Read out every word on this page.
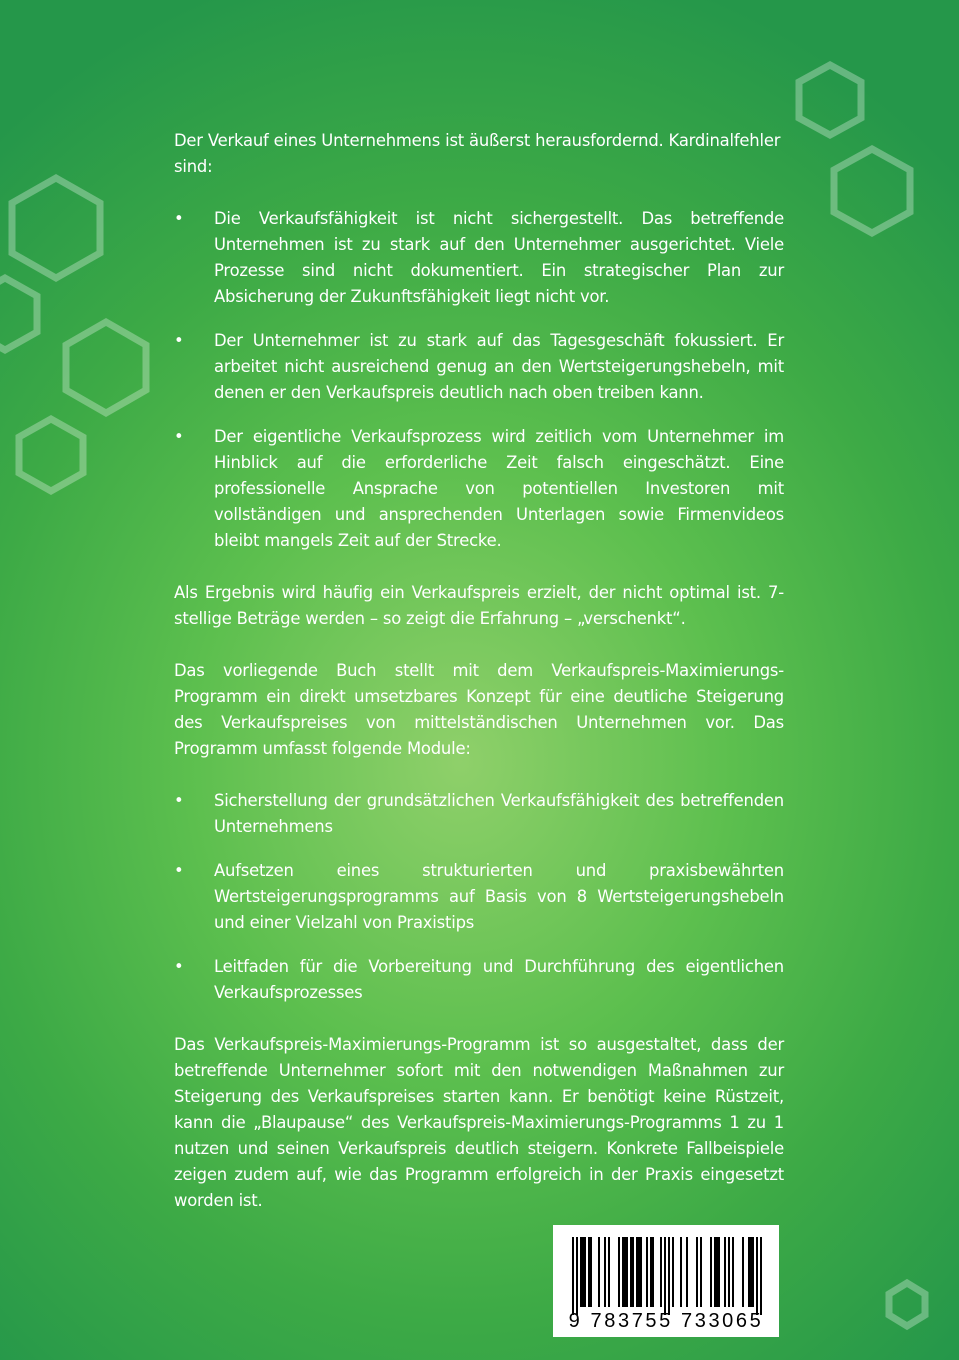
Der Verkauf eines Unternehmens ist äußerst herausfordernd. Kardinalfehler sind:

• Die Verkaufsfähigkeit ist nicht sichergestellt. Das betreffende Unternehmen ist zu stark auf den Unternehmer ausgerichtet. Viele Prozesse sind nicht dokumentiert. Ein strategischer Plan zur Absicherung der Zukunftsfähigkeit liegt nicht vor.
• Der Unternehmer ist zu stark auf das Tagesgeschäft fokussiert. Er arbeitet nicht ausreichend genug an den Wertsteigerungshebeln, mit denen er den Verkaufspreis deutlich nach oben treiben kann.
• Der eigentliche Verkaufsprozess wird zeitlich vom Unternehmer im Hinblick auf die erforderliche Zeit falsch eingeschätzt. Eine professionelle Ansprache von potentiellen Investoren mit vollständigen und ansprechenden Unterlagen sowie Firmenvideos bleibt mangels Zeit auf der Strecke.

Als Ergebnis wird häufig ein Verkaufspreis erzielt, der nicht optimal ist. 7-stellige Beträge werden – so zeigt die Erfahrung – „verschenkt“.

Das vorliegende Buch stellt mit dem Verkaufspreis-Maximierungs-Programm ein direkt umsetzbares Konzept für eine deutliche Steigerung des Verkaufspreises von mittelständischen Unternehmen vor. Das Programm umfasst folgende Module:

• Sicherstellung der grundsätzlichen Verkaufsfähigkeit des betreffenden Unternehmens
• Aufsetzen eines strukturierten und praxisbewährten Wertsteigerungsprogramms auf Basis von 8 Wertsteigerungshebeln und einer Vielzahl von Praxistips
• Leitfaden für die Vorbereitung und Durchführung des eigentlichen Verkaufsprozesses

Das Verkaufspreis-Maximierungs-Programm ist so ausgestaltet, dass der betreffende Unternehmer sofort mit den notwendigen Maßnahmen zur Steigerung des Verkaufspreises starten kann. Er benötigt keine Rüstzeit, kann die „Blaupause“ des Verkaufspreis-Maximierungs-Programms 1 zu 1 nutzen und seinen Verkaufspreis deutlich steigern. Konkrete Fallbeispiele zeigen zudem auf, wie das Programm erfolgreich in der Praxis eingesetzt worden ist.

9 783755 733065
